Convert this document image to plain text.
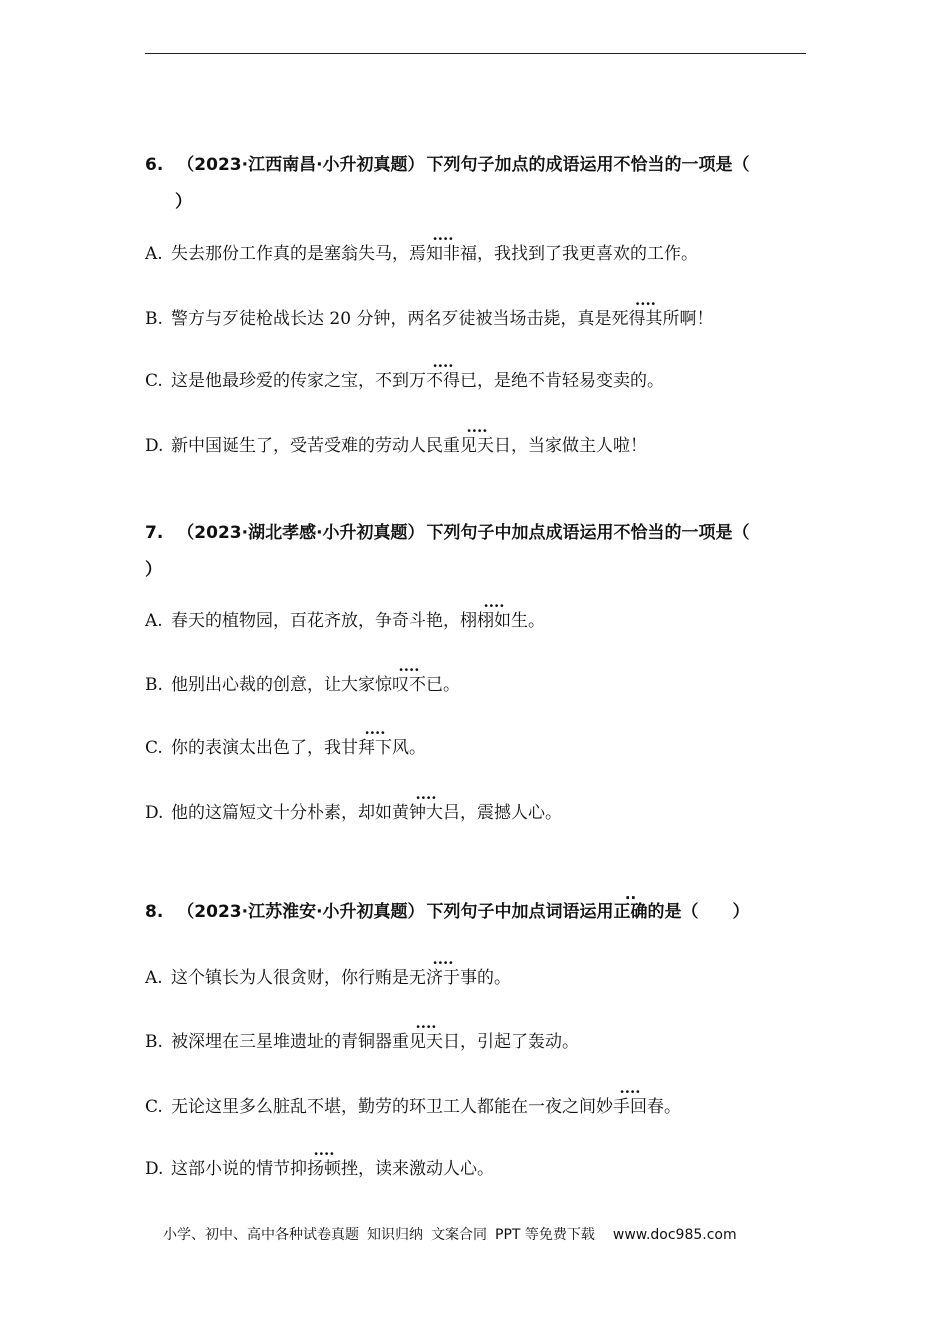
6. （2023·江西南昌·小升初真题） 下列句子加点的成语运用不恰当的一项是（
）
A. 失去那份工作真的是塞翁失马，···· 焉知非福，我找到了我更喜欢的工作。
B. 警方与歹徒枪战长达 20 分钟，两名歹徒被当场击毙，真是···· 死得其所啊！
C. 这是他最珍爱的传家之宝，不到···· 万不得已，是绝不肯轻易变卖的。
D. 新中国诞生了，受苦受难的劳动人民···· 重见天日，当家做主人啦！
7. （2023·湖北孝感·小升初真题） 下列句子中加点成语运用不恰当的一项是（
）
A. 春天的植物园，百花齐放，争奇斗艳，···· 栩栩如生。
B. 他别出心裁的创意，让大家···· 惊叹不已。
C. 你的表演太出色了，我···· 甘拜下风。
D. 他的这篇短文十分朴素，却如···· 黄钟大吕，震撼人心。
8. （2023·江苏淮安·小升初真题） 下列句子中加点词语运用·· 正确的是（ ）
A. 这个镇长为人很贪财，你行贿是···· 无济于事的。
B. 被深埋在三星堆遗址的青铜器···· 重见天日，引起了轰动。
C. 无论这里多么脏乱不堪，勤劳的环卫工人都能在一夜之间···· 妙手回春。
D. 这部小说的情节···· 抑扬顿挫，读来激动人心。
小学、初中、高中各种试卷真题 知识归纳 文案合同 PPT 等免费下载 www.doc985.com
